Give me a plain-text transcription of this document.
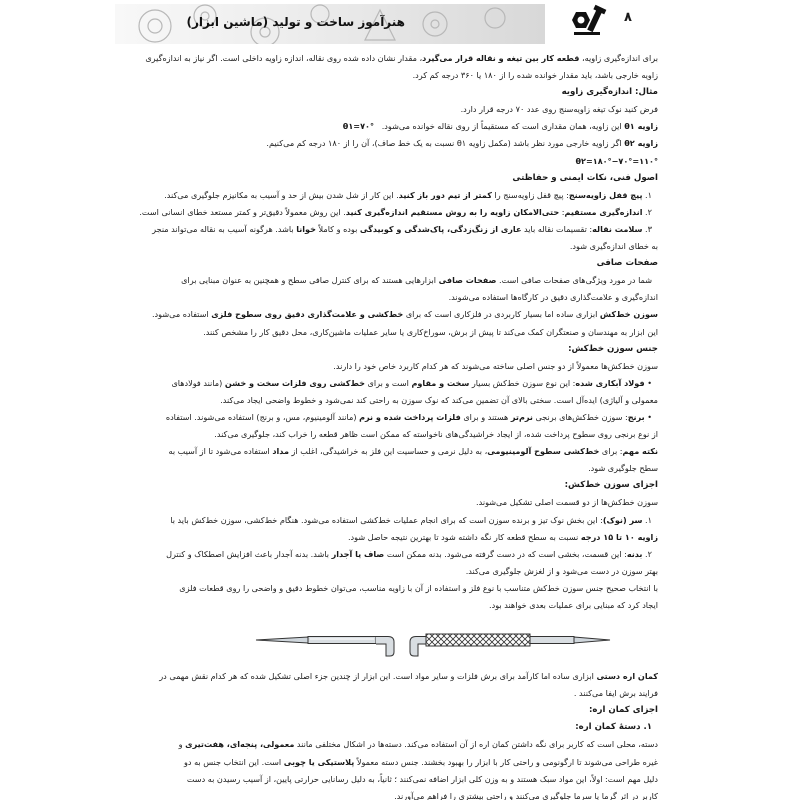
هنرآموز ساخت و تولید (ماشین ابزار)	۸
برای اندازه‌گیری زاویه، قطعه کار بین تیغه و نقاله قرار می‌گیرد، مقدار نشان داده شده روی نقاله، اندازه زاویه داخلی است. اگر نیاز به اندازه‌گیری
زاویه خارجی باشد، باید مقدار خوانده شده را از ۱۸۰ یا ۳۶۰ درجه کم کرد.
مثال: اندازه‌گیری زاویه
فرض کنید نوک تیغه زاویه‌سنج روی عدد ۷۰ درجه قرار دارد.
زاویه θ۱ این زاویه، همان مقداری است که مستقیماً از روی نقاله خوانده می‌شود.   θ۱=۷۰°
زاویه θ۲ اگر زاویه خارجی مورد نظر باشد (مکمل زاویه θ۱ نسبت به یک خط صاف)، آن را از ۱۸۰ درجه کم می‌کنیم.
θ۲=۱۸۰°−۷۰°=۱۱۰°
اصول فنی، نکات ایمنی و حفاظتی
۱. پیچ قفل زاویه‌سنج: پیچ قفل زاویه‌سنج را کمتر از تیم دور باز کنید. این کار از شل شدن بیش از حد و آسیب به مکانیزم جلوگیری می‌کند.
۲. اندازه‌گیری مستقیم: حتی‌الامکان زاویه را به روش مستقیم اندازه‌گیری کنید. این روش معمولاً دقیق‌تر و کمتر مستعد خطای انسانی است.
۳. سلامت نقاله: تقسیمات نقاله باید عاری از زنگ‌زدگی، پاک‌شدگی و کوبیدگی بوده و کاملاً خوانا باشد. هرگونه آسیب به نقاله می‌تواند منجر
به خطای اندازه‌گیری شود.
صفحات صافی
شما در مورد ویژگی‌های صفحات صافی است. صفحات صافی ابزارهایی هستند که برای کنترل صافی سطح و همچنین به عنوان مبنایی برای
اندازه‌گیری و علامت‌گذاری دقیق در کارگاه‌ها استفاده می‌شوند.
سوزن خط‌کش ابزاری ساده اما بسیار کاربردی در فلزکاری است که برای خط‌کشی و علامت‌گذاری دقیق روی سطوح فلزی استفاده می‌شود.
این ابزار به مهندسان و صنعتگران کمک می‌کند تا پیش از برش، سوراخ‌کاری یا سایر عملیات ماشین‌کاری، محل دقیق کار را مشخص کنند.
جنس سوزن خط‌کش:
سوزن خط‌کش‌ها معمولاً از دو جنس اصلی ساخته می‌شوند که هر کدام کاربرد خاص خود را دارند.
• فولاد آبکاری شده: این نوع سوزن خط‌کش بسیار سخت و مقاوم است و برای خط‌کشی روی فلزات سخت و خشن (مانند فولادهای
معمولی و آلیاژی) ایده‌آل است. سختی بالای آن تضمین می‌کند که نوک سوزن به راحتی کند نمی‌شود و خطوط واضحی ایجاد می‌کند.
• برنج: سوزن خط‌کش‌های برنجی نرم‌تر هستند و برای فلزات پرداخت شده و نرم (مانند آلومینیوم، مس، و برنج) استفاده می‌شوند. استفاده
از نوع برنجی روی سطوح پرداخت شده، از ایجاد خراشیدگی‌های ناخواسته که ممکن است ظاهر قطعه را خراب کند، جلوگیری می‌کند.
نکته مهم: برای خط‌کشی سطوح آلومینیومی، به دلیل نرمی و حساسیت این فلز به خراشیدگی، اغلب از مداد استفاده می‌شود تا از آسیب به
سطح جلوگیری شود.
اجزای سوزن خط‌کش:
سوزن خط‌کش‌ها از دو قسمت اصلی تشکیل می‌شوند.
۱. سر (نوک): این بخش نوک تیز و برنده سوزن است که برای انجام عملیات خط‌کشی استفاده می‌شود. هنگام خط‌کشی، سوزن خط‌کش باید با
زاویه ۱۰ تا ۱۵ درجه نسبت به سطح قطعه کار نگه داشته شود تا بهترین نتیجه حاصل شود.
۲. بدنه: این قسمت، بخشی است که در دست گرفته می‌شود. بدنه ممکن است صاف یا آجدار باشد. بدنه آجدار باعث افزایش اصطکاک و کنترل
بهتر سوزن در دست می‌شود و از لغزش جلوگیری می‌کند.
با انتخاب صحیح جنس سوزن خط‌کش متناسب با نوع فلز و استفاده از آن با زاویه مناسب، می‌توان خطوط دقیق و واضحی را روی قطعات فلزی
ایجاد کرد که مبنایی برای عملیات بعدی خواهند بود.
کمان اره دستی ابزاری ساده اما کارآمد برای برش فلزات و سایر مواد است. این ابزار از چندین جزء اصلی تشکیل شده که هر کدام نقش مهمی در
فرایند برش ایفا می‌کنند .
اجزای کمان اره:
۱. دستهٔ کمان اره:
دسته، محلی است که کاربر برای نگه داشتن کمان اره از آن استفاده می‌کند. دسته‌ها در اشکال مختلفی مانند معمولی، پنجه‌ای، هفت‌تیری و
غیره طراحی می‌شوند تا ارگونومی و راحتی کار با ابزار را بهبود بخشند. جنس دسته معمولاً پلاستیکی یا چوبی است. این انتخاب جنس به دو
دلیل مهم است: اولاً، این مواد سبک هستند و به وزن کلی ابزار اضافه نمی‌کنند ؛ ثانیاً، به دلیل رسانایی حرارتی پایین، از آسیب رسیدن به دست
کاربر در اثر گرما یا سرما جلوگیری می‌کنند و راحتی بیشتری را فراهم می‌آورند.
